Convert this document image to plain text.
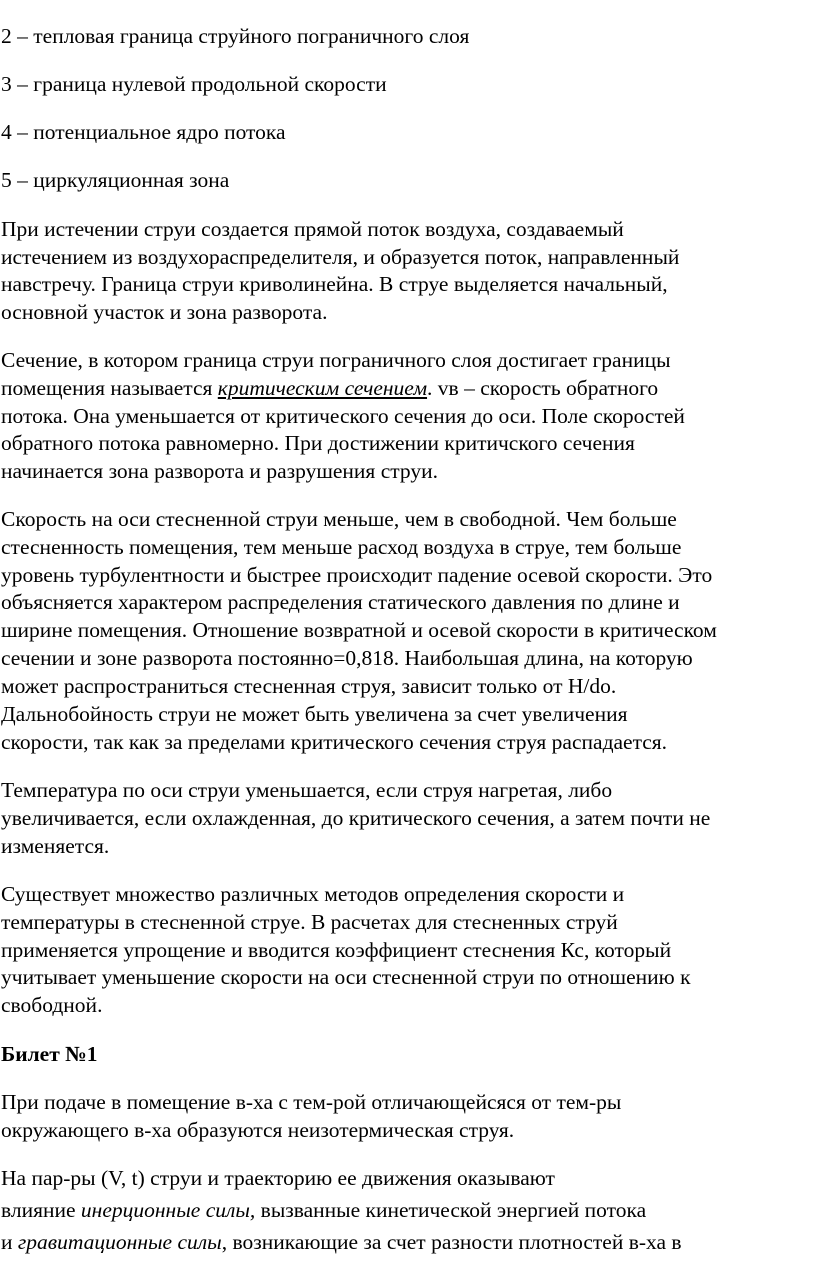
2 – тепловая граница струйного пограничного слоя

3 – граница нулевой продольной скорости

4 – потенциальное ядро потока

5 – циркуляционная зона

При истечении струи создается прямой поток воздуха, создаваемый

истечением из воздухораспределителя, и образуется поток, направленный

навстречу. Граница струи криволинейна. В струе выделяется начальный,

основной участок и зона разворота.

Сечение, в котором граница струи пограничного слоя достигает границы

помещения называется критическим сечением. vв – скорость обратного

потока. Она уменьшается от критического сечения до оси. Поле скоростей

обратного потока равномерно. При достижении критичского сечения

начинается зона разворота и разрушения струи.

Скорость на оси стесненной струи меньше, чем в свободной. Чем больше

стесненность помещения, тем меньше расход воздуха в струе, тем больше

уровень турбулентности и быстрее происходит падение осевой скорости. Это

объясняется характером распределения статического давления по длине и

ширине помещения. Отношение возвратной и осевой скорости в критическом

сечении и зоне разворота постоянно=0,818. Наибольшая длина, на которую

может распространиться стесненная струя, зависит только от H/do.

Дальнобойность струи не может быть увеличена за счет увеличения

скорости, так как за пределами критического сечения струя распадается.

Температура по оси струи уменьшается, если струя нагретая, либо

увеличивается, если охлажденная, до критического сечения, а затем почти не

изменяется.

Существует множество различных методов определения скорости и

температуры в стесненной струе. В расчетах для стесненных струй

применяется упрощение и вводится коэффициент стеснения Кс, который

учитывает уменьшение скорости на оси стесненной струи по отношению к

свободной.

Билет №1

При подаче в помещение в-ха с тем-рой отличающейсяся от тем-ры

окружающего в-ха образуются неизотермическая струя.

На пар-ры (V, t) струи и траекторию ее движения оказывают

влияние инерционные силы, вызванные кинетической энергией потока

и гравитационные силы, возникающие за счет разности плотностей в-ха в
